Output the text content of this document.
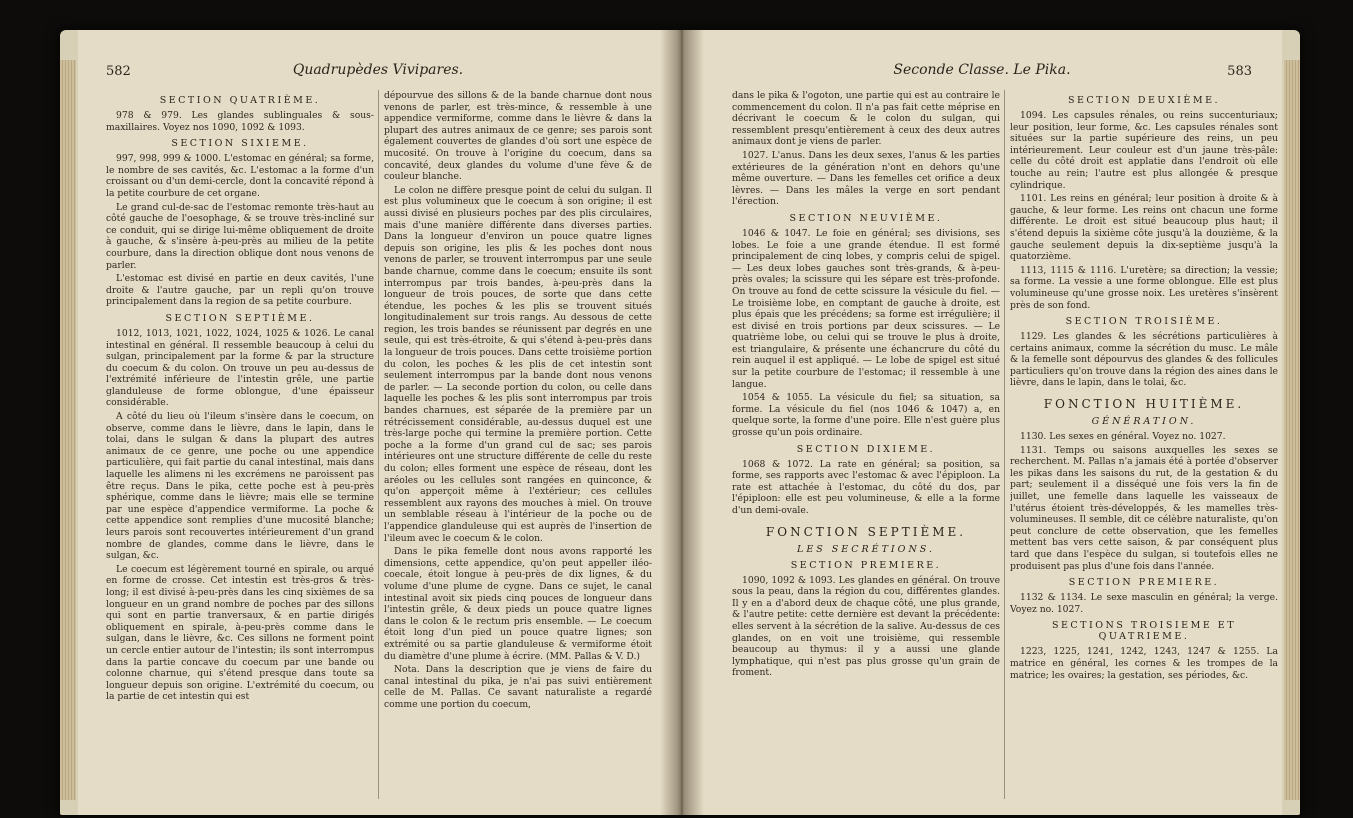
582	Quadrupèdes Vivipares.
SECTION QUATRIÈME.

978 & 979. Les glandes sublinguales & sous-maxillaires. Voyez nos 1090, 1092 & 1093.

SECTION SIXIEME.

997, 998, 999 & 1000. L'estomac en général; sa forme, le nombre de ses cavités, &c. L'estomac a la forme d'un croissant ou d'un demi-cercle, dont la concavité répond à la petite courbure de cet organe.

Le grand cul-de-sac de l'estomac remonte très-haut au côté gauche de l'oesophage, & se trouve très-incliné sur ce conduit, qui se dirige lui-même obliquement de droite à gauche, & s'insère à-peu-près au milieu de la petite courbure, dans la direction oblique dont nous venons de parler.

L'estomac est divisé en partie en deux cavités, l'une droite & l'autre gauche, par un repli qu'on trouve principalement dans la region de sa petite courbure.

SECTION SEPTIÈME.

1012, 1013, 1021, 1022, 1024, 1025 & 1026. Le canal intestinal en général. Il ressemble beaucoup à celui du sulgan, principalement par la forme & par la structure du coecum & du colon. On trouve un peu au-dessus de l'extrémité inférieure de l'intestin grêle, une partie glanduleuse de forme oblongue, d'une épaisseur considérable.

A côté du lieu où l'ileum s'insère dans le coecum, on observe, comme dans le lièvre, dans le lapin, dans le tolai, dans le sulgan & dans la plupart des autres animaux de ce genre, une poche ou une appendice particulière, qui fait partie du canal intestinal, mais dans laquelle les alimens ni les excrémens ne paroissent pas être reçus. Dans le pika, cette poche est à peu-près sphérique, comme dans le lièvre; mais elle se termine par une espèce d'appendice vermiforme. La poche & cette appendice sont remplies d'une mucosité blanche; leurs parois sont recouvertes intérieurement d'un grand nombre de glandes, comme dans le lièvre, dans le sulgan, &c.

Le coecum est légèrement tourné en spirale, ou arqué en forme de crosse. Cet intestin est très-gros & très-long; il est divisé à-peu-près dans les cinq sixièmes de sa longueur en un grand nombre de poches par des sillons qui sont en partie tranversaux, & en partie dirigés obliquement en spirale, à-peu-près comme dans le sulgan, dans le lièvre, &c. Ces sillons ne forment point un cercle entier autour de l'intestin; ils sont interrompus dans la partie concave du coecum par une bande ou colonne charnue, qui s'étend presque dans toute sa longueur depuis son origine. L'extrémité du coecum, ou la partie de cet intestin qui est

dépourvue des sillons & de la bande charnue dont nous venons de parler, est très-mince, & ressemble à une appendice vermiforme, comme dans le lièvre & dans la plupart des autres animaux de ce genre; ses parois sont également couvertes de glandes d'où sort une espèce de mucosité. On trouve à l'origine du coecum, dans sa concavité, deux glandes du volume d'une fève & de couleur blanche.

Le colon ne diffère presque point de celui du sulgan. Il est plus volumineux que le coecum à son origine; il est aussi divisé en plusieurs poches par des plis circulaires, mais d'une manière différente dans diverses parties. Dans la longueur d'environ un pouce quatre lignes depuis son origine, les plis & les poches dont nous venons de parler, se trouvent interrompus par une seule bande charnue, comme dans le coecum; ensuite ils sont interrompus par trois bandes, à-peu-près dans la longueur de trois pouces, de sorte que dans cette étendue, les poches & les plis se trouvent situés longitudinalement sur trois rangs. Au dessous de cette region, les trois bandes se réunissent par degrés en une seule, qui est très-étroite, & qui s'étend à-peu-près dans la longueur de trois pouces. Dans cette troisième portion du colon, les poches & les plis de cet intestin sont seulement interrompus par la bande dont nous venons de parler. — La seconde portion du colon, ou celle dans laquelle les poches & les plis sont interrompus par trois bandes charnues, est séparée de la première par un rétrécissement considérable, au-dessus duquel est une très-large poche qui termine la première portion. Cette poche a la forme d'un grand cul de sac; ses parois intérieures ont une structure différente de celle du reste du colon; elles forment une espèce de réseau, dont les aréoles ou les cellules sont rangées en quinconce, & qu'on apperçoit même à l'extérieur; ces cellules ressemblent aux rayons des mouches à miel. On trouve un semblable réseau à l'intérieur de la poche ou de l'appendice glanduleuse qui est auprès de l'insertion de l'ileum avec le coecum & le colon.

Dans le pika femelle dont nous avons rapporté les dimensions, cette appendice, qu'on peut appeller iléo-coecale, étoit longue à peu-près de dix lignes, & du volume d'une plume de cygne. Dans ce sujet, le canal intestinal avoit six pieds cinq pouces de longueur dans l'intestin grêle, & deux pieds un pouce quatre lignes dans le colon & le rectum pris ensemble. — Le coecum étoit long d'un pied un pouce quatre lignes; son extrémité ou sa partie glanduleuse & vermiforme étoit du diamètre d'une plume à écrire. (MM. Pallas & V. D.)

Nota. Dans la description que je viens de faire du canal intestinal du pika, je n'ai pas suivi entièrement celle de M. Pallas. Ce savant naturaliste a regardé comme une portion du coecum,

Seconde Classe. Le Pika.	583

dans le pika & l'ogoton, une partie qui est au contraire le commencement du colon. Il n'a pas fait cette méprise en décrivant le coecum & le colon du sulgan, qui ressemblent presqu'entièrement à ceux des deux autres animaux dont je viens de parler.

1027. L'anus. Dans les deux sexes, l'anus & les parties extérieures de la génération n'ont en dehors qu'une même ouverture. — Dans les femelles cet orifice a deux lèvres. — Dans les mâles la verge en sort pendant l'érection.

SECTION NEUVIÈME.

1046 & 1047. Le foie en général; ses divisions, ses lobes. Le foie a une grande étendue. Il est formé principalement de cinq lobes, y compris celui de spigel. — Les deux lobes gauches sont très-grands, & à-peu-près ovales; la scissure qui les sépare est très-profonde. On trouve au fond de cette scissure la vésicule du fiel. — Le troisième lobe, en comptant de gauche à droite, est plus épais que les précédens; sa forme est irrégulière; il est divisé en trois portions par deux scissures. — Le quatrième lobe, ou celui qui se trouve le plus à droite, est triangulaire, & présente une échancrure du côté du rein auquel il est appliqué. — Le lobe de spigel est situé sur la petite courbure de l'estomac; il ressemble à une langue.

1054 & 1055. La vésicule du fiel; sa situation, sa forme. La vésicule du fiel (nos 1046 & 1047) a, en quelque sorte, la forme d'une poire. Elle n'est guère plus grosse qu'un pois ordinaire.

SECTION DIXIEME.

1068 & 1072. La rate en général; sa position, sa forme, ses rapports avec l'estomac & avec l'épiploon. La rate est attachée à l'estomac, du côté du dos, par l'épiploon: elle est peu volumineuse, & elle a la forme d'un demi-ovale.

FONCTION SEPTIÈME.
LES SECRÉTIONS.
SECTION PREMIERE.

1090, 1092 & 1093. Les glandes en général. On trouve sous la peau, dans la région du cou, différentes glandes. Il y en a d'abord deux de chaque côté, une plus grande, & l'autre petite: cette dernière est devant la précédente: elles servent à la sécrétion de la salive. Au-dessus de ces glandes, on en voit une troisième, qui ressemble beaucoup au thymus: il y a aussi une glande lymphatique, qui n'est pas plus grosse qu'un grain de froment.

SECTION DEUXIÈME.

1094. Les capsules rénales, ou reins succenturiaux; leur position, leur forme, &c. Les capsules rénales sont situées sur la partie supérieure des reins, un peu intérieurement. Leur couleur est d'un jaune très-pâle: celle du côté droit est applatie dans l'endroit où elle touche au rein; l'autre est plus allongée & presque cylindrique.

1101. Les reins en général; leur position à droite & à gauche, & leur forme. Les reins ont chacun une forme différente. Le droit est situé beaucoup plus haut; il s'étend depuis la sixième côte jusqu'à la douzième, & la gauche seulement depuis la dix-septième jusqu'à la quatorzième.

1113, 1115 & 1116. L'uretère; sa direction; la vessie; sa forme. La vessie a une forme oblongue. Elle est plus volumineuse qu'une grosse noix. Les uretères s'insèrent près de son fond.

SECTION TROISIÈME.

1129. Les glandes & les sécrétions particulières à certains animaux, comme la sécrétion du musc. Le mâle & la femelle sont dépourvus des glandes & des follicules particuliers qu'on trouve dans la région des aines dans le lièvre, dans le lapin, dans le tolai, &c.

FONCTION HUITIÈME.
GÉNÉRATION.

1130. Les sexes en général. Voyez no. 1027.

1131. Temps ou saisons auxquelles les sexes se recherchent. M. Pallas n'a jamais été à portée d'observer les pikas dans les saisons du rut, de la gestation & du part; seulement il a disséqué une fois vers la fin de juillet, une femelle dans laquelle les vaisseaux de l'utérus étoient très-développés, & les mamelles très-volumineuses. Il semble, dit ce célèbre naturaliste, qu'on peut conclure de cette observation, que les femelles mettent bas vers cette saison, & par conséquent plus tard que dans l'espèce du sulgan, si toutefois elles ne produisent pas plus d'une fois dans l'année.

SECTION PREMIERE.

1132 & 1134. Le sexe masculin en général; la verge. Voyez no. 1027.

SECTIONS TROISIEME ET QUATRIEME.

1223, 1225, 1241, 1242, 1243, 1247 & 1255. La matrice en général, les cornes & les trompes de la matrice; les ovaires; la gestation, ses périodes, &c.
